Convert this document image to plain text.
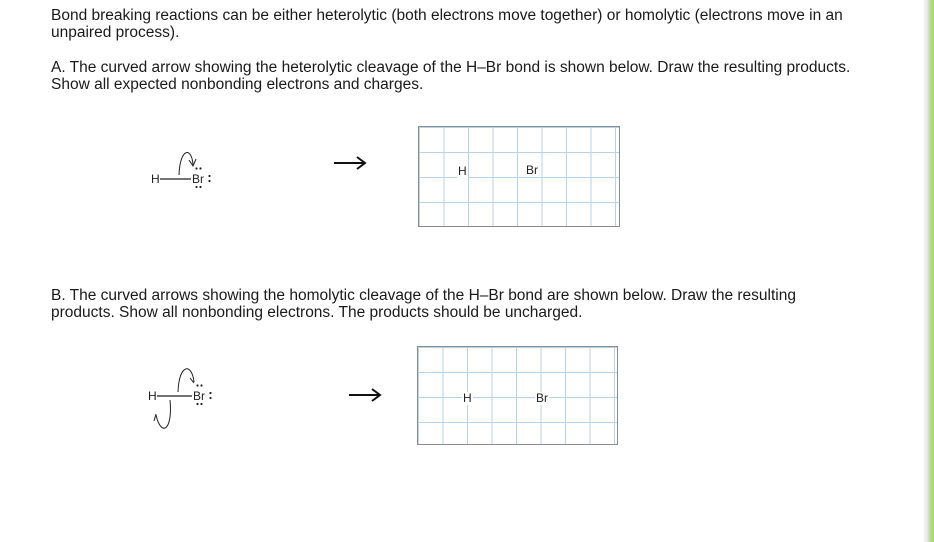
Bond breaking reactions can be either heterolytic (both electrons move together) or homolytic (electrons move in an unpaired process).

A. The curved arrow showing the heterolytic cleavage of the H–Br bond is shown below. Draw the resulting products. Show all expected nonbonding electrons and charges.

H	Br
H	Br

B. The curved arrows showing the homolytic cleavage of the H–Br bond are shown below. Draw the resulting products. Show all nonbonding electrons. The products should be uncharged.

H	Br	H	Br
